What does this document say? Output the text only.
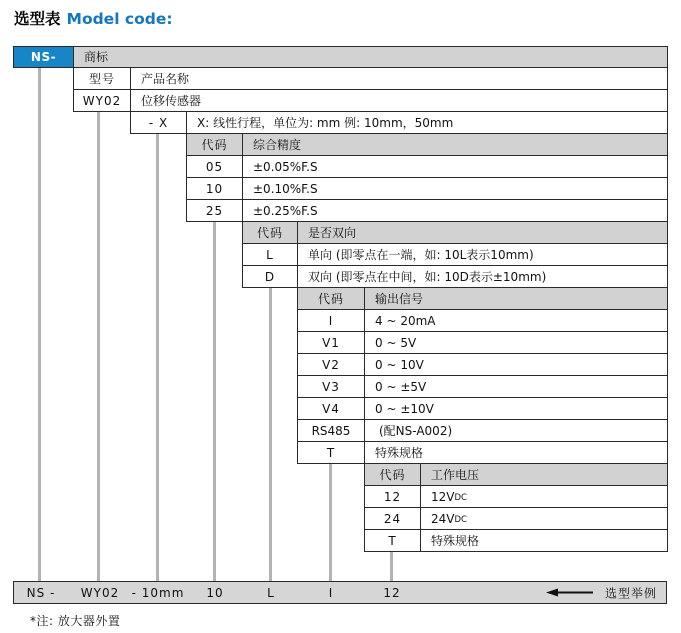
选型表 Model code:
NS-	商标
型号	产品名称
WY02	位移传感器
- X	X: 线性行程，单位为: mm 例: 10mm，50mm
代码	综合精度
05	±0.05%F.S
10	±0.10%F.S
25	±0.25%F.S
代码	是否双向
L	单向 (即零点在一端，如: 10L表示10mm)
D	双向 (即零点在中间，如: 10D表示±10mm)
代码	输出信号
I	4 ~ 20mA
V1	0 ~ 5V
V2	0 ~ 10V
V3	0 ~ ±5V
V4	0 ~ ±10V
RS485	(配NS-A002)
T	特殊规格
代码	工作电压
12	12V DC
24	24V DC
T	特殊规格
NS - WY02 - 10mm 10	L	I	12	选型举例
*注: 放大器外置
